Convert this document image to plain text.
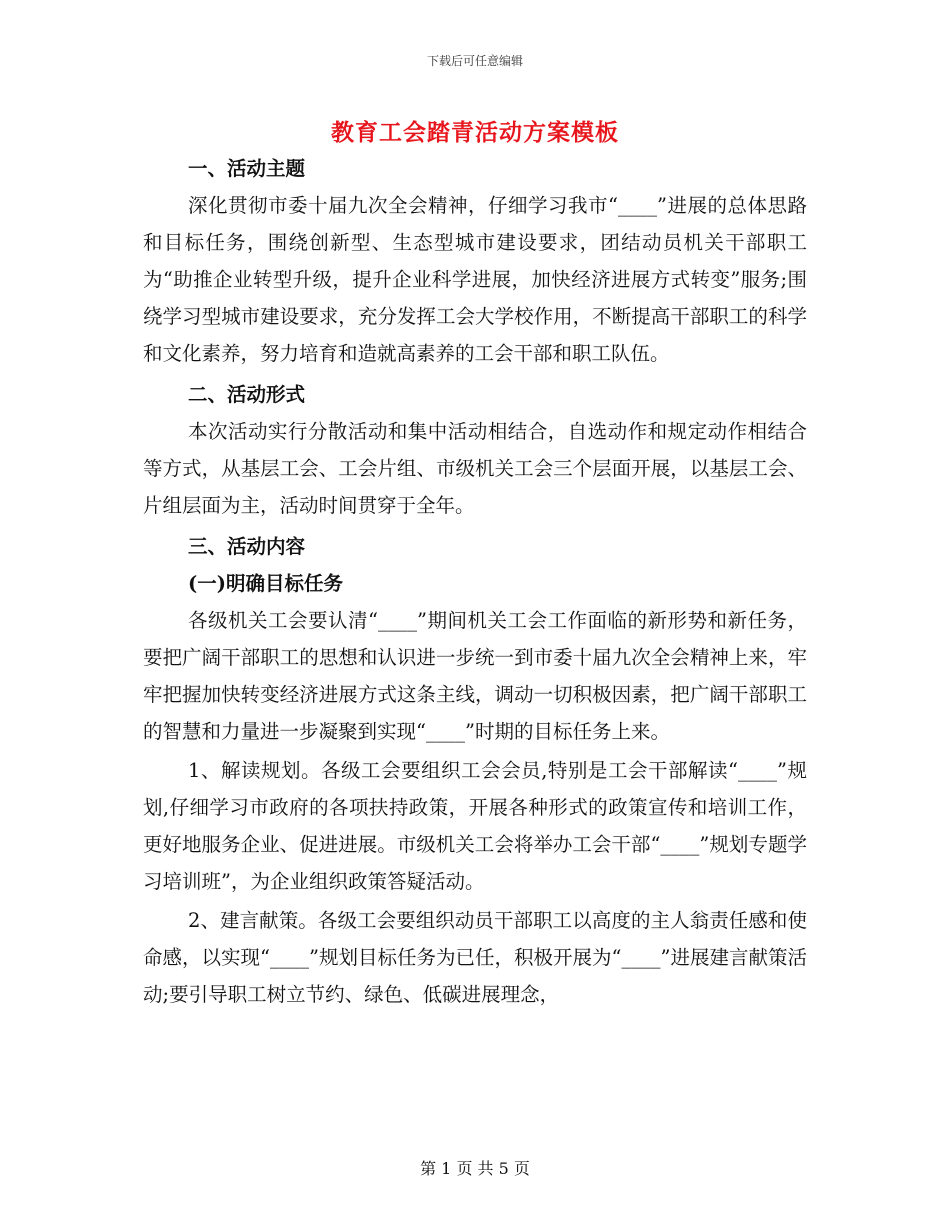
下载后可任意编辑
教育工会踏青活动方案模板

一、活动主题

深化贯彻市委十届九次全会精神，仔细学习我市“____”进展的总体思路和目标任务，围绕创新型、生态型城市建设要求，团结动员机关干部职工为“助推企业转型升级，提升企业科学进展，加快经济进展方式转变”服务;围绕学习型城市建设要求，充分发挥工会大学校作用，不断提高干部职工的科学和文化素养，努力培育和造就高素养的工会干部和职工队伍。

二、活动形式

本次活动实行分散活动和集中活动相结合，自选动作和规定动作相结合等方式，从基层工会、工会片组、市级机关工会三个层面开展，以基层工会、片组层面为主，活动时间贯穿于全年。

三、活动内容

(一)明确目标任务

各级机关工会要认清“____”期间机关工会工作面临的新形势和新任务，要把广阔干部职工的思想和认识进一步统一到市委十届九次全会精神上来，牢牢把握加快转变经济进展方式这条主线，调动一切积极因素，把广阔干部职工的智慧和力量进一步凝聚到实现“____”时期的目标任务上来。

1、解读规划。各级工会要组织工会会员,特别是工会干部解读“____”规划,仔细学习市政府的各项扶持政策，开展各种形式的政策宣传和培训工作，更好地服务企业、促进进展。市级机关工会将举办工会干部“____”规划专题学习培训班”，为企业组织政策答疑活动。

2、建言献策。各级工会要组织动员干部职工以高度的主人翁责任感和使命感，以实现“____”规划目标任务为已任，积极开展为“____”进展建言献策活动;要引导职工树立节约、绿色、低碳进展理念，

第 1 页 共 5 页
